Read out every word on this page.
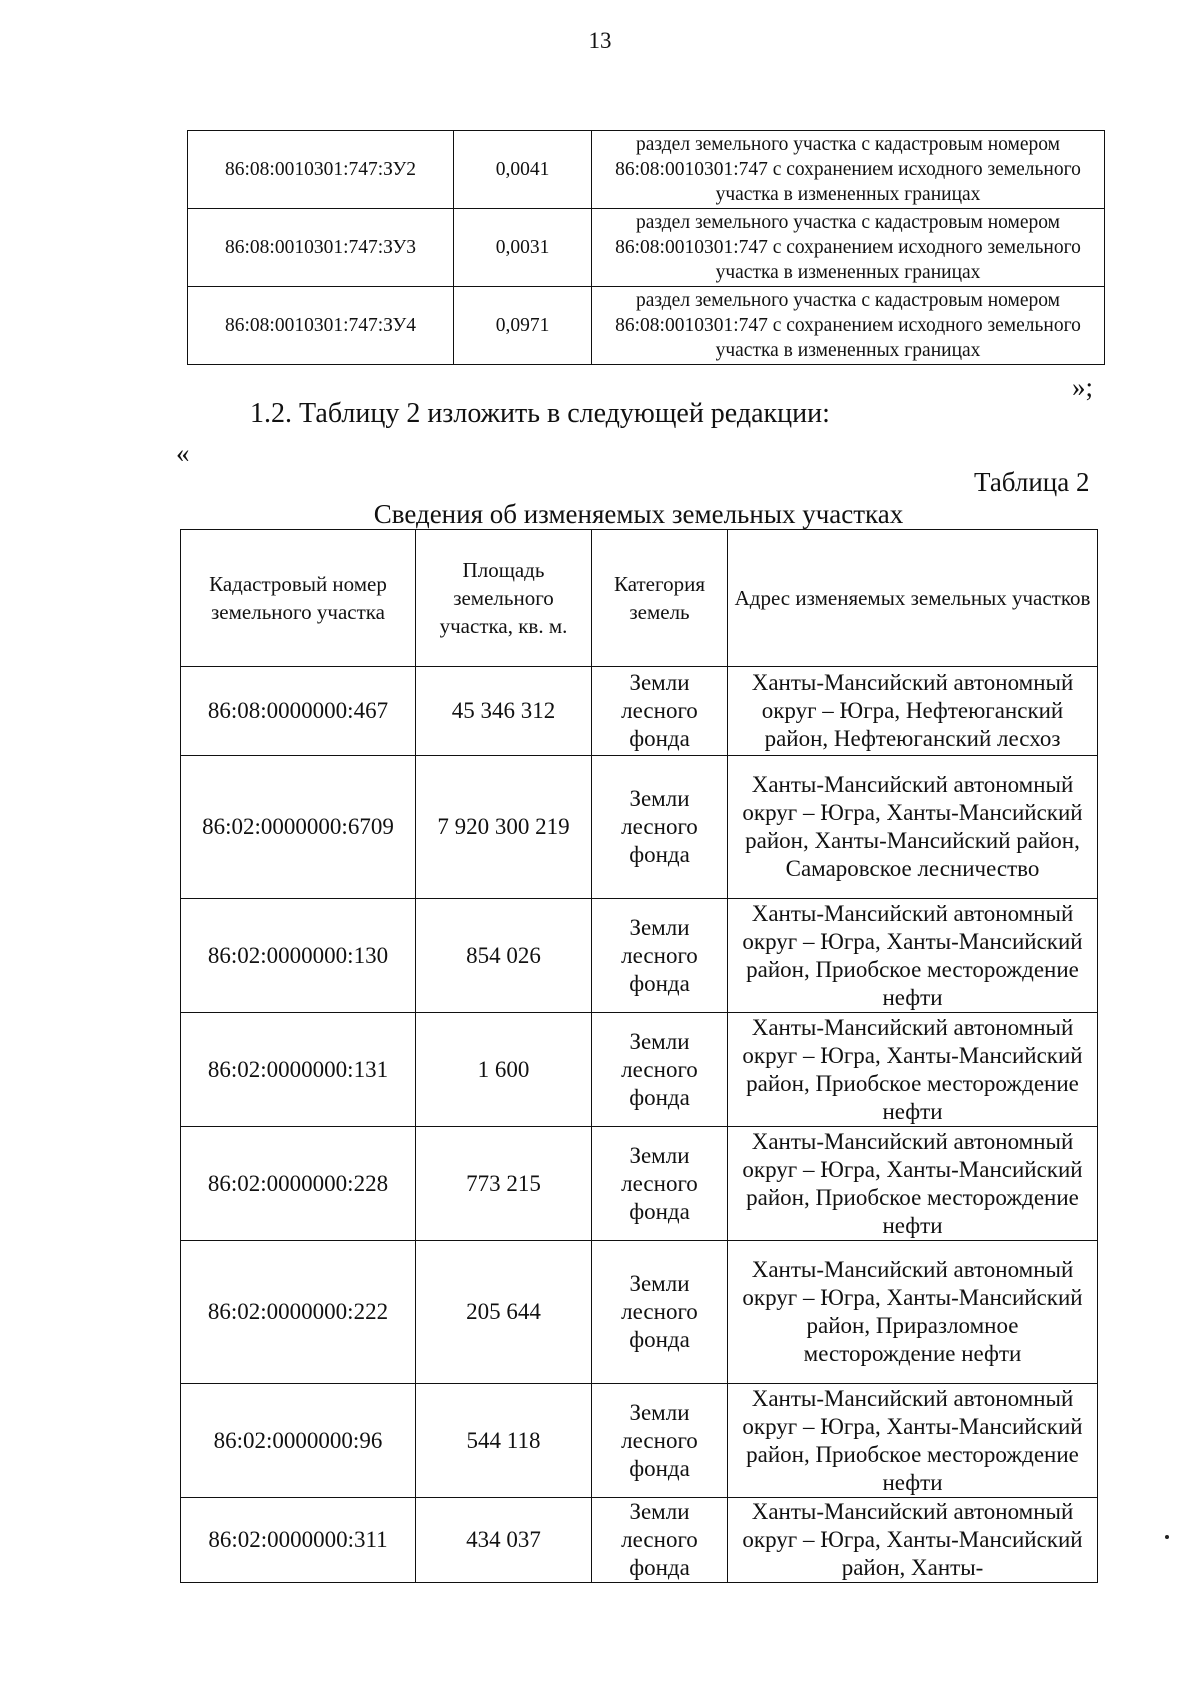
13
86:08:0010301:747:ЗУ2	0,0041	раздел земельного участка с кадастровым номером 86:08:0010301:747 с сохранением исходного земельного участка в измененных границах
86:08:0010301:747:ЗУ3	0,0031	раздел земельного участка с кадастровым номером 86:08:0010301:747 с сохранением исходного земельного участка в измененных границах
86:08:0010301:747:ЗУ4	0,0971	раздел земельного участка с кадастровым номером 86:08:0010301:747 с сохранением исходного земельного участка в измененных границах
»;
1.2. Таблицу 2 изложить в следующей редакции:
«
Таблица 2
Сведения об изменяемых земельных участках
Кадастровый номер земельного участка	Площадь земельного участка, кв. м.	Категория земель	Адрес изменяемых земельных участков
86:08:0000000:467	45 346 312	Земли лесного фонда	Ханты-Мансийский автономный округ – Югра, Нефтеюганский район, Нефтеюганский лесхоз
86:02:0000000:6709	7 920 300 219	Земли лесного фонда	Ханты-Мансийский автономный округ – Югра, Ханты-Мансийский район, Ханты-Мансийский район, Самаровское лесничество
86:02:0000000:130	854 026	Земли лесного фонда	Ханты-Мансийский автономный округ – Югра, Ханты-Мансийский район, Приобское месторождение нефти
86:02:0000000:131	1 600	Земли лесного фонда	Ханты-Мансийский автономный округ – Югра, Ханты-Мансийский район, Приобское месторождение нефти
86:02:0000000:228	773 215	Земли лесного фонда	Ханты-Мансийский автономный округ – Югра, Ханты-Мансийский район, Приобское месторождение нефти
86:02:0000000:222	205 644	Земли лесного фонда	Ханты-Мансийский автономный округ – Югра, Ханты-Мансийский район, Приразломное месторождение нефти
86:02:0000000:96	544 118	Земли лесного фонда	Ханты-Мансийский автономный округ – Югра, Ханты-Мансийский район, Приобское месторождение нефти
86:02:0000000:311	434 037	Земли лесного фонда	Ханты-Мансийский автономный округ – Югра, Ханты-Мансийский район, Ханты-
